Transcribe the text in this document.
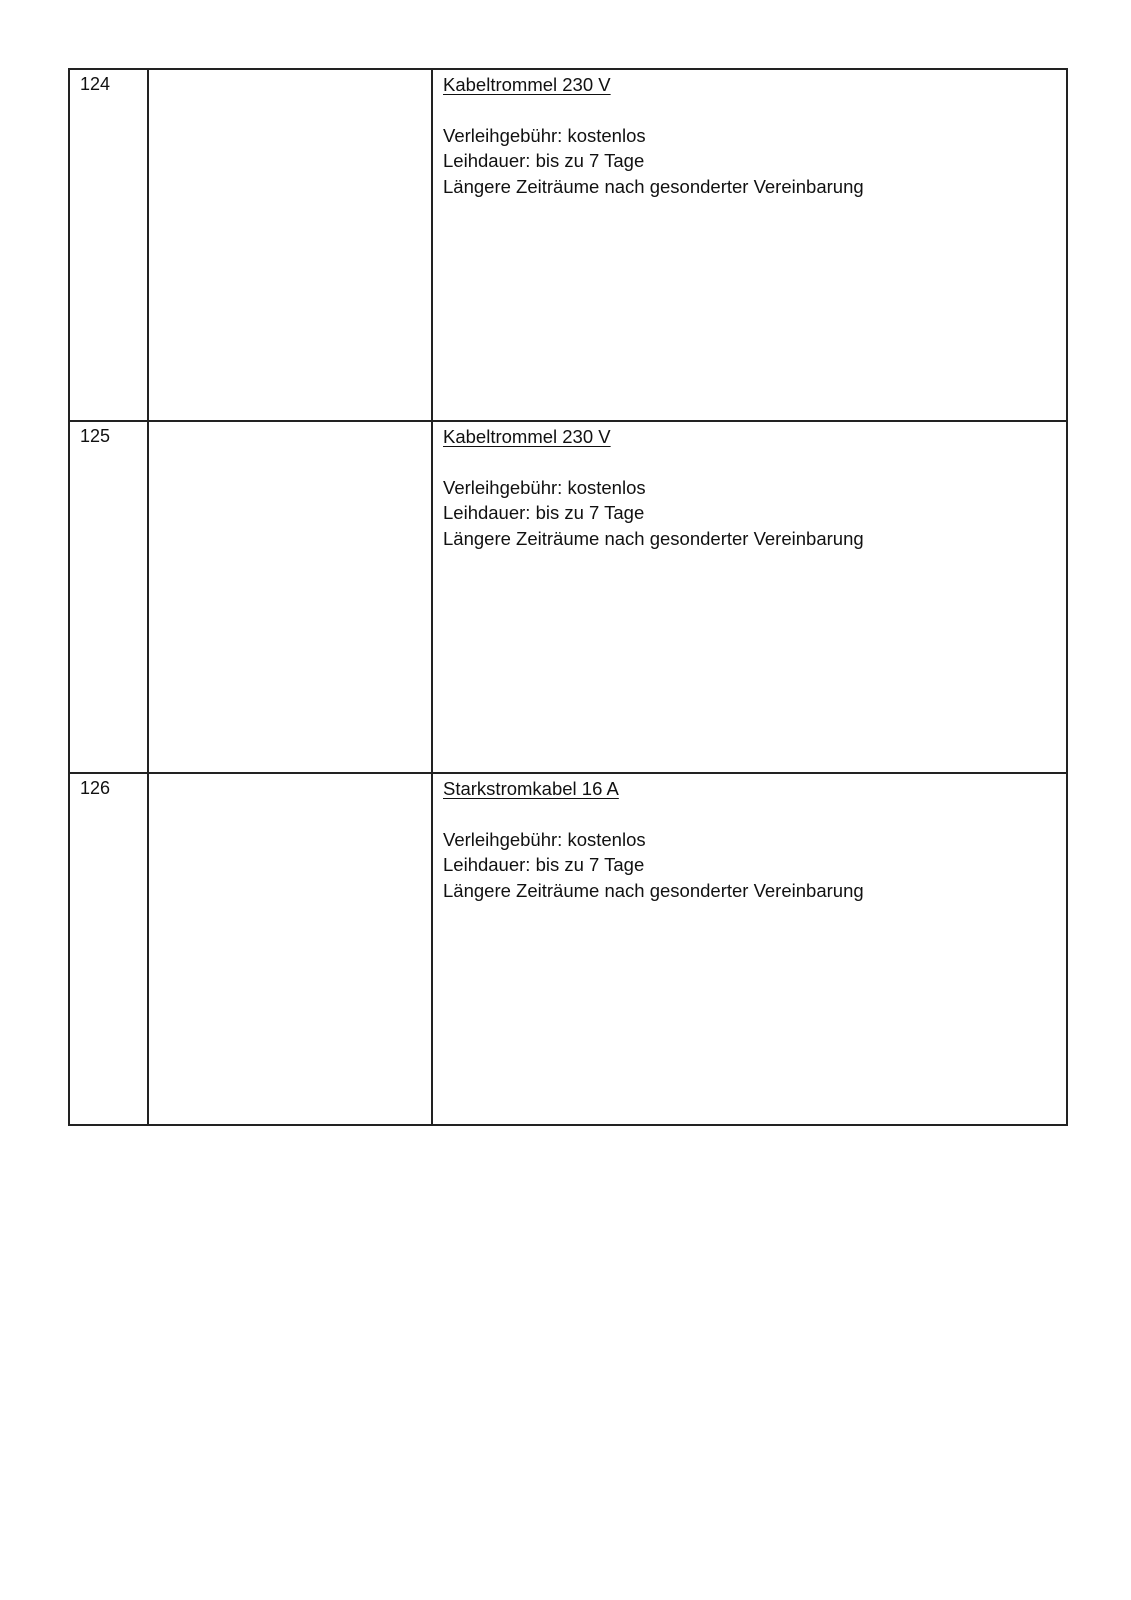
124		Kabeltrommel 230 V
Verleihgebühr: kostenlos
Leihdauer: bis zu 7 Tage
Längere Zeiträume nach gesonderter Vereinbarung

125		Kabeltrommel 230 V
Verleihgebühr: kostenlos
Leihdauer: bis zu 7 Tage
Längere Zeiträume nach gesonderter Vereinbarung

126		Starkstromkabel 16 A
Verleihgebühr: kostenlos
Leihdauer: bis zu 7 Tage
Längere Zeiträume nach gesonderter Vereinbarung
